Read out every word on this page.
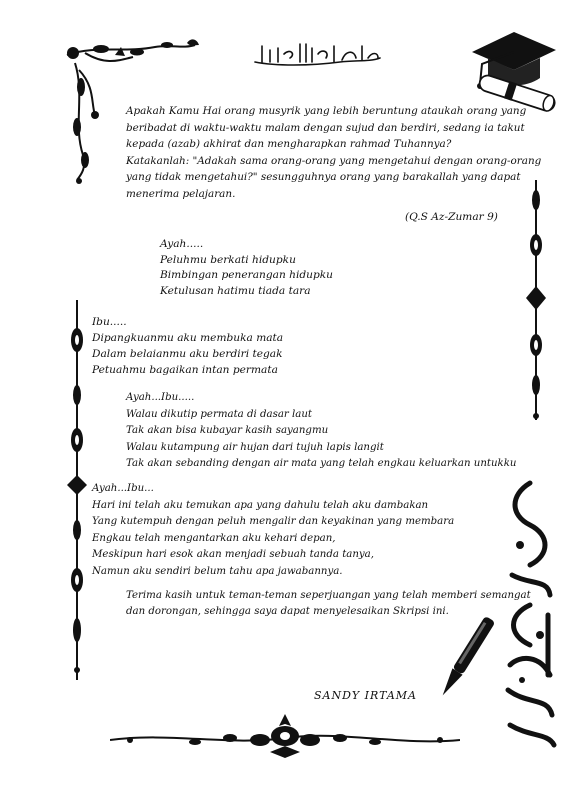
Apakah Kamu Hai orang musyrik yang lebih beruntung ataukah orang yang
beribadat di waktu-waktu malam dengan sujud dan berdiri, sedang ia takut
kepada (azab) akhirat dan mengharapkan rahmad Tuhannya?
Katakanlah: "Adakah sama orang-orang yang mengetahui dengan orang-orang
yang tidak mengetahui?" sesungguhnya orang yang barakallah yang dapat
menerima pelajaran.
(Q.S Az-Zumar 9)
Ayah.....
Peluhmu berkati hidupku
Bimbingan penerangan hidupku
Ketulusan hatimu tiada tara
Ibu.....
Dipangkuanmu aku membuka mata
Dalam belaianmu aku berdiri tegak
Petuahmu bagaikan intan permata
Ayah...Ibu.....
Walau dikutip permata di dasar laut
Tak akan bisa kubayar kasih sayangmu
Walau kutampung air hujan dari tujuh lapis langit
Tak akan sebanding dengan air mata yang telah engkau keluarkan untukku
Ayah...Ibu...
Hari ini telah aku temukan apa yang dahulu telah aku dambakan
Yang kutempuh dengan peluh mengalir dan keyakinan yang membara
Engkau telah mengantarkan aku kehari depan,
Meskipun hari esok akan menjadi sebuah tanda tanya,
Namun aku sendiri belum tahu apa jawabannya.
Terima kasih untuk teman-teman seperjuangan yang telah memberi semangat
dan dorongan, sehingga saya dapat menyelesaikan Skripsi ini.
SANDY IRTAMA
